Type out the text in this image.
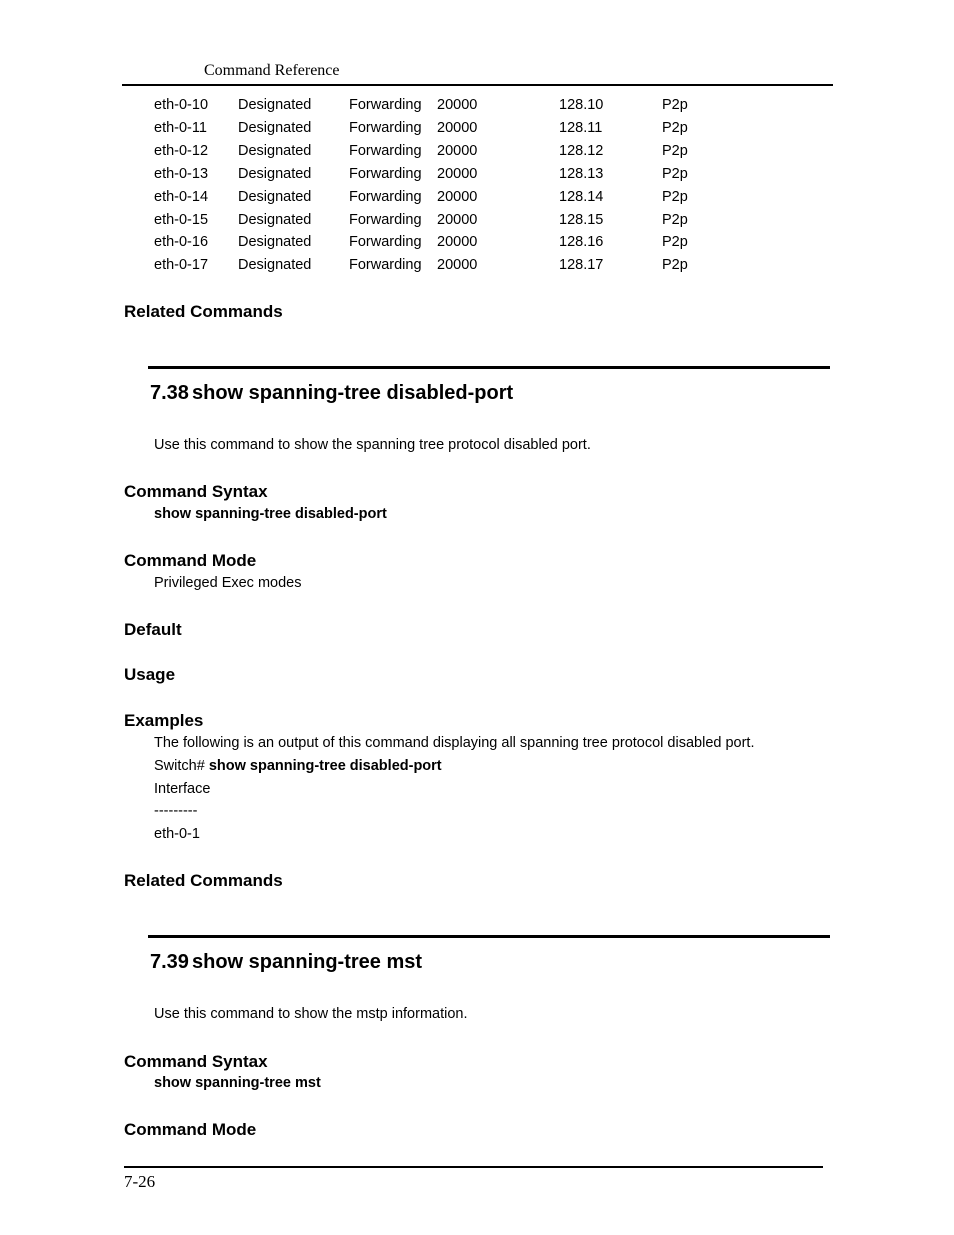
Command Reference
eth-0-10 Designated	Forwarding 20000	128.10	P2p
eth-0-11 Designated	Forwarding 20000	128.11	P2p
eth-0-12 Designated	Forwarding 20000	128.12	P2p
eth-0-13 Designated	Forwarding 20000	128.13	P2p
eth-0-14 Designated	Forwarding 20000	128.14	P2p
eth-0-15 Designated	Forwarding 20000	128.15	P2p
eth-0-16 Designated	Forwarding 20000	128.16	P2p
eth-0-17 Designated	Forwarding 20000	128.17	P2p
Related Commands
7.38 show spanning-tree disabled-port
Use this command to show the spanning tree protocol disabled port.
Command Syntax
show spanning-tree disabled-port
Command Mode
Privileged Exec modes
Default
Usage
Examples
The following is an output of this command displaying all spanning tree protocol disabled port.
Switch# show spanning-tree disabled-port
Interface
---------
eth-0-1
Related Commands
7.39 show spanning-tree mst
Use this command to show the mstp information.
Command Syntax
show spanning-tree mst
Command Mode
7-26
